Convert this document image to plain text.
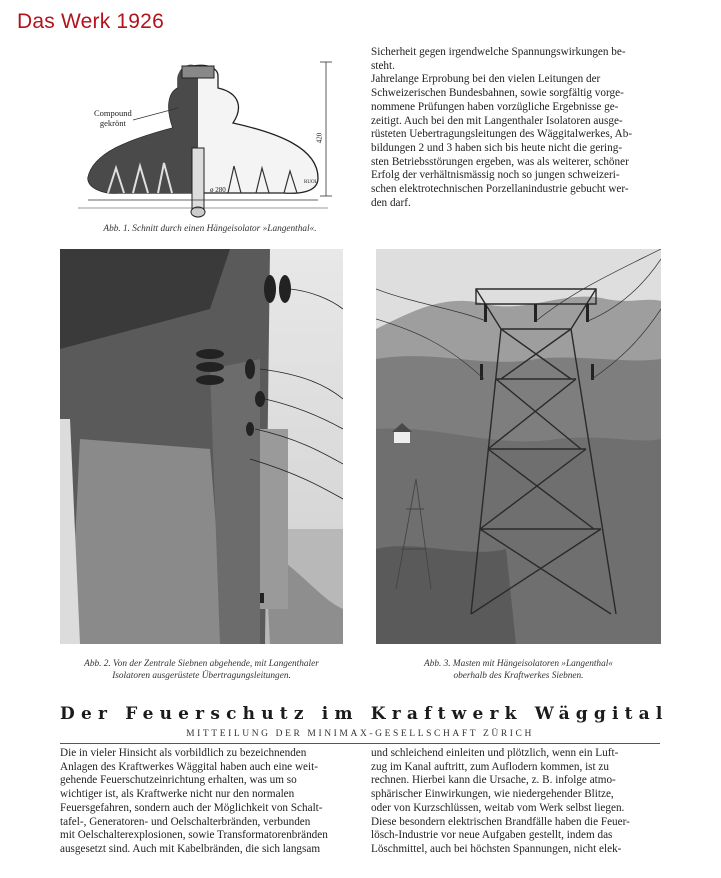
Das Werk 1926
Compound
gekrönt
420
ø 280
RUOL
Abb. 1. Schnitt durch einen Hängeisolator »Langenthal«.

Sicherheit gegen irgendwelche Spannungswirkungen be-

steht.

Jahrelange Erprobung bei den vielen Leitungen der

Schweizerischen Bundesbahnen, sowie sorgfältig vorge-

nommene Prüfungen haben vorzügliche Ergebnisse ge-

zeitigt. Auch bei den mit Langenthaler Isolatoren ausge-

rüsteten Uebertragungsleitungen des Wäggitalwerkes, Ab-

bildungen 2 und 3 haben sich bis heute nicht die gering-

sten Betriebsstörungen ergeben, was als weiterer, schöner

Erfolg der verhältnismässig noch so jungen schweizeri-

schen elektrotechnischen Porzellanindustrie gebucht wer-

den darf.

Abb. 2. Von der Zentrale Siebnen abgehende, mit Langenthaler
Isolatoren ausgerüstete Übertragungsleitungen.
Abb. 3. Masten mit Hängeisolatoren »Langenthal«
oberhalb des Kraftwerkes Siebnen.
Der Feuerschutz im Kraftwerk Wäggital
MITTEILUNG DER MINIMAX-GESELLSCHAFT ZÜRICH

Die in vieler Hinsicht als vorbildlich zu bezeichnenden

Anlagen des Kraftwerkes Wäggital haben auch eine weit-

gehende Feuerschutzeinrichtung erhalten, was um so

wichtiger ist, als Kraftwerke nicht nur den normalen

Feuersgefahren, sondern auch der Möglichkeit von Schalt-

tafel-, Generatoren- und Oelschalterbränden, verbunden

mit Oelschalterexplosionen, sowie Transformatorenbränden

ausgesetzt sind. Auch mit Kabelbränden, die sich langsam

und schleichend einleiten und plötzlich, wenn ein Luft-

zug im Kanal auftritt, zum Auflodern kommen, ist zu

rechnen. Hierbei kann die Ursache, z. B. infolge atmo-

sphärischer Einwirkungen, wie niedergehender Blitze,

oder von Kurzschlüssen, weitab vom Werk selbst liegen.

Diese besondern elektrischen Brandfälle haben die Feuer-

lösch-Industrie vor neue Aufgaben gestellt, indem das

Löschmittel, auch bei höchsten Spannungen, nicht elek-
